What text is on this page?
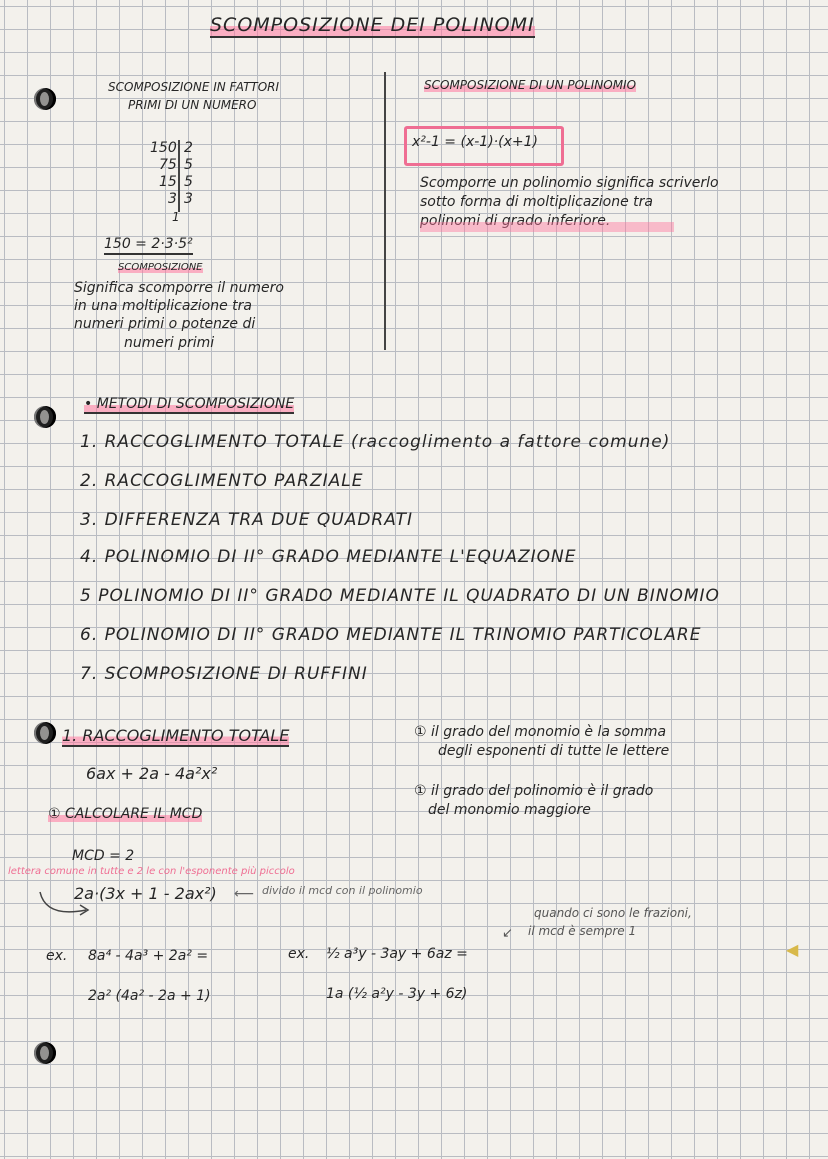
SCOMPOSIZIONE DEI POLINOMI
SCOMPOSIZIONE IN FATTORI
PRIMI DI UN NUMERO
150 2
75 5
15 5
3 3
1
150 = 2·3·5²
SCOMPOSIZIONE
Significa scomporre il numero
in una moltiplicazione tra
numeri primi o potenze di
numeri primi
SCOMPOSIZIONE DI UN POLINOMIO
x²-1 = (x-1)·(x+1)
Scomporre un polinomio significa scriverlo
sotto forma di moltiplicazione tra
polinomi di grado inferiore.
• METODI DI SCOMPOSIZIONE
1. RACCOGLIMENTO TOTALE (raccoglimento a fattore comune)
2. RACCOGLIMENTO PARZIALE
3. DIFFERENZA TRA DUE QUADRATI
4. POLINOMIO DI II° GRADO MEDIANTE L'EQUAZIONE
5 POLINOMIO DI II° GRADO MEDIANTE IL QUADRATO DI UN BINOMIO
6. POLINOMIO DI II° GRADO MEDIANTE IL TRINOMIO PARTICOLARE
7. SCOMPOSIZIONE DI RUFFINI
1. RACCOGLIMENTO TOTALE
6ax + 2a - 4a²x²
① CALCOLARE IL MCD
MCD = 2
lettera comune in tutte e 2 le con l'esponente più piccolo
2a·(3x + 1 - 2ax²)	divido il mcd con il polinomio
⟵
① il grado del monomio è la somma
degli esponenti di tutte le lettere
① il grado del polinomio è il grado
del monomio maggiore
quando ci sono le frazioni,
il mcd è sempre 1
↙
ex. 8a⁴ - 4a³ + 2a² =
2a² (4a² - 2a + 1)
ex. ½ a³y - 3ay + 6az =
1a (½ a²y - 3y + 6z)
◀
